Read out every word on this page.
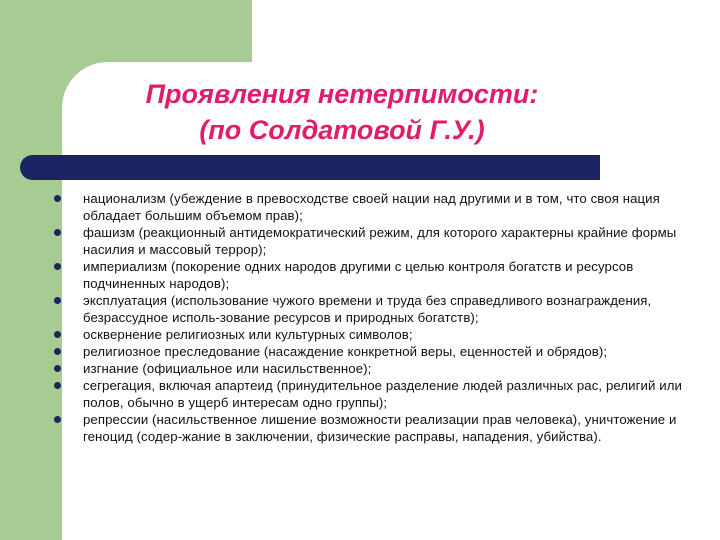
Проявления нетерпимости:
(по Солдатовой Г.У.)
национализм (убеждение в превосходстве своей нации над другими и в том, что своя нация обладает большим объемом прав);
фашизм (реакционный антидемократический режим, для которого характерны крайние формы насилия и массовый террор);
империализм (покорение одних народов другими с целью контроля богатств и ресурсов подчиненных народов);
эксплуатация (использование чужого времени и труда без справедливого вознаграждения, безрассудное исполь-зование ресурсов и природных богатств);
осквернение религиозных или культурных символов;
религиозное преследование (насаждение конкретной веры, еценностей и обрядов);
изгнание (официальное или насильственное);
сегрегация, включая апартеид (принудительное разделение людей различных рас, религий или полов, обычно в ущерб интересам одно группы);
репрессии (насильственное лишение возможности реализации прав человека), уничтожение и геноцид (содер-жание в заключении, физические расправы, нападения, убийства).
